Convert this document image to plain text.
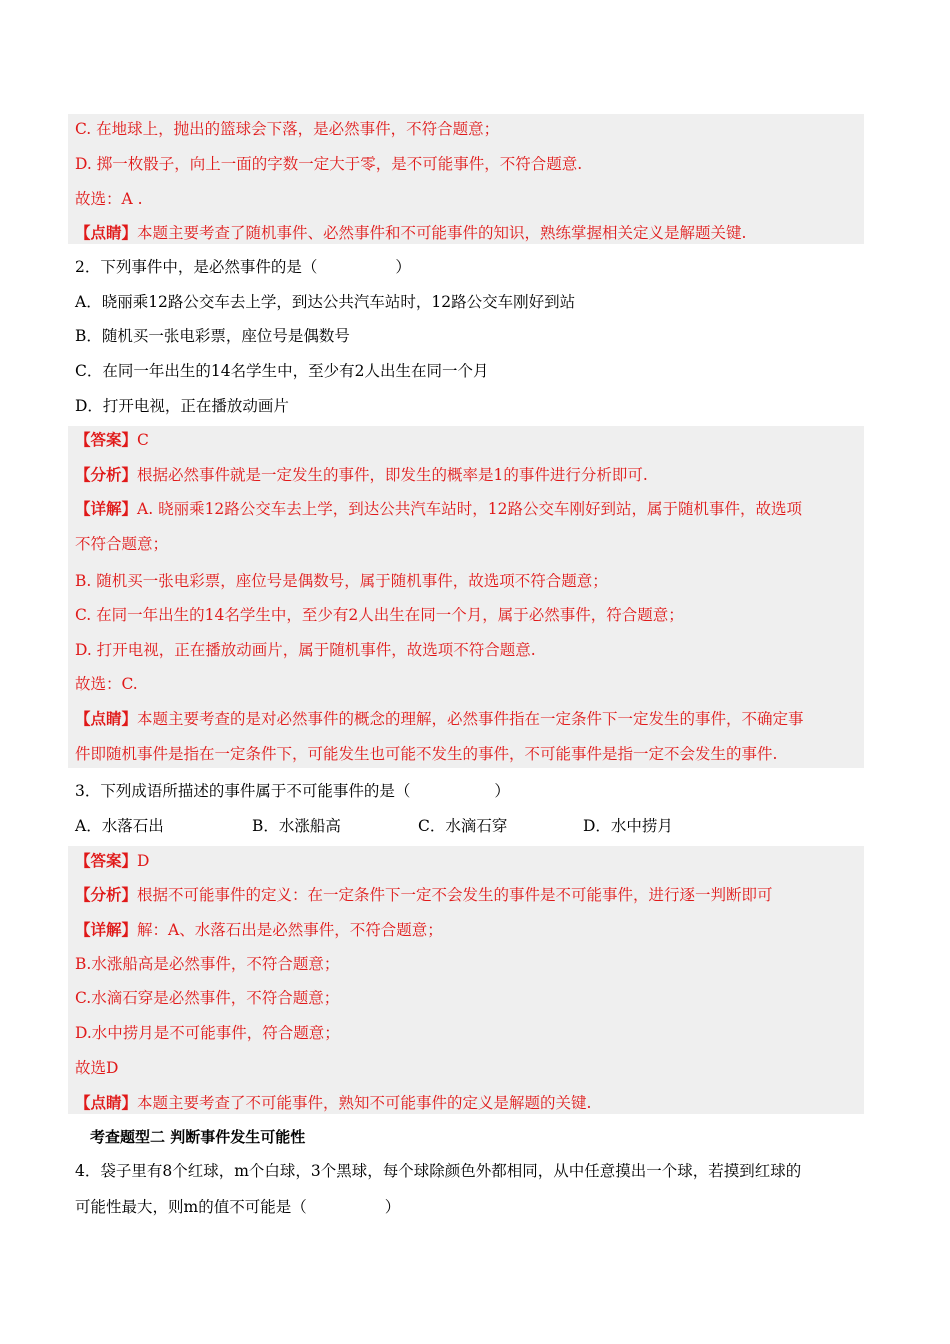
C. 在地球上，抛出的篮球会下落，是必然事件，不符合题意；
D. 掷一枚骰子，向上一面的字数一定大于零，是不可能事件，不符合题意.
故选：A .
【点睛】本题主要考查了随机事件、必然事件和不可能事件的知识，熟练掌握相关定义是解题关键.
2．下列事件中，是必然事件的是（	）
A．晓丽乘12路公交车去上学，到达公共汽车站时，12路公交车刚好到站
B．随机买一张电彩票，座位号是偶数号
C．在同一年出生的14名学生中，至少有2人出生在同一个月
D．打开电视，正在播放动画片
【答案】C
【分析】根据必然事件就是一定发生的事件，即发生的概率是1的事件进行分析即可.
【详解】A. 晓丽乘12路公交车去上学，到达公共汽车站时，12路公交车刚好到站，属于随机事件，故选项
不符合题意；
B. 随机买一张电彩票，座位号是偶数号，属于随机事件，故选项不符合题意；
C. 在同一年出生的14名学生中，至少有2人出生在同一个月，属于必然事件，符合题意；
D. 打开电视，正在播放动画片，属于随机事件，故选项不符合题意.
故选：C.
【点睛】本题主要考查的是对必然事件的概念的理解，必然事件指在一定条件下一定发生的事件，不确定事
件即随机事件是指在一定条件下，可能发生也可能不发生的事件，不可能事件是指一定不会发生的事件.
3．下列成语所描述的事件属于不可能事件的是（	）
A．水落石出	B．水涨船高	C．水滴石穿	D．水中捞月
【答案】D
【分析】根据不可能事件的定义：在一定条件下一定不会发生的事件是不可能事件，进行逐一判断即可
【详解】解：A、水落石出是必然事件，不符合题意；
B.水涨船高是必然事件，不符合题意；
C.水滴石穿是必然事件，不符合题意；
D.水中捞月是不可能事件，符合题意；
故选D
【点睛】本题主要考查了不可能事件，熟知不可能事件的定义是解题的关键.
考查题型二 判断事件发生可能性
4．袋子里有8个红球，m个白球，3个黑球，每个球除颜色外都相同，从中任意摸出一个球，若摸到红球的
可能性最大，则m的值不可能是（	）
